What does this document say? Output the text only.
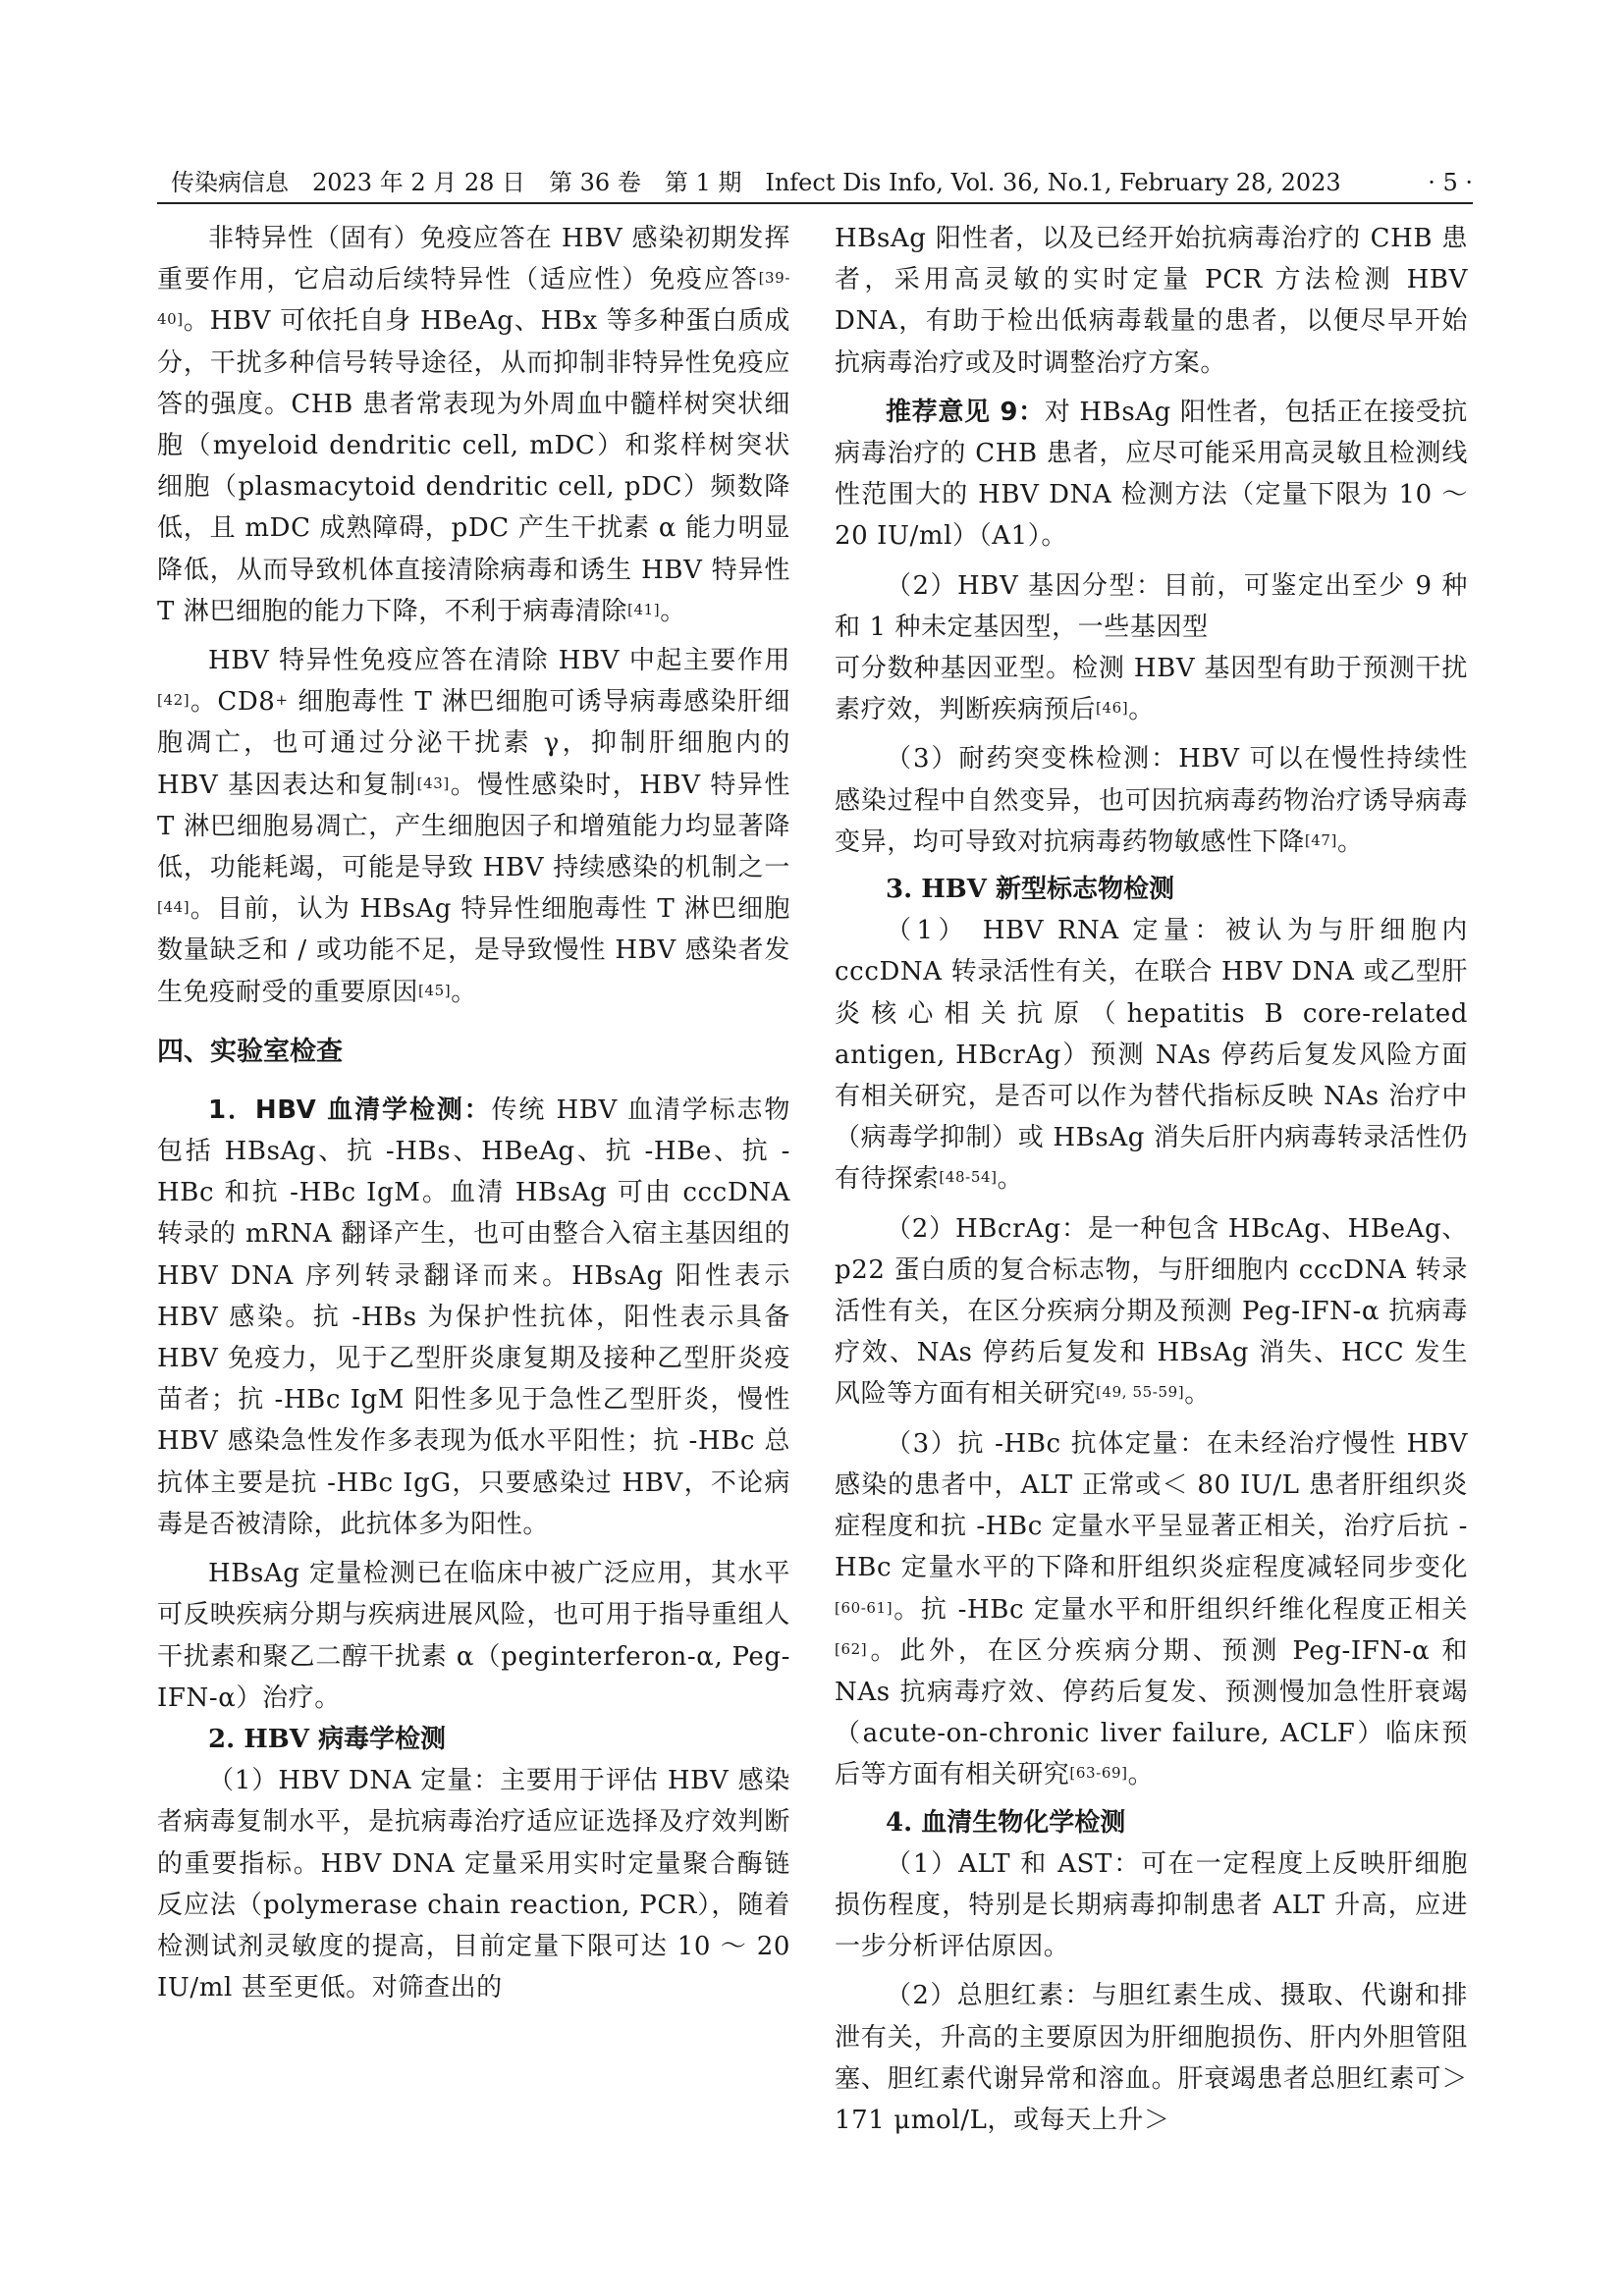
传染病信息　2023 年 2 月 28 日　第 36 卷　第 1 期　Infect Dis Info, Vol. 36, No.1, February 28, 2023	· 5 ·

非特异性（固有）免疫应答在 HBV 感染初期发挥重要作用，它启动后续特异性（适应性）免疫应答[39-40]。HBV 可依托自身 HBeAg、HBx 等多种蛋白质成分，干扰多种信号转导途径，从而抑制非特异性免疫应答的强度。CHB 患者常表现为外周血中髓样树突状细胞（myeloid dendritic cell, mDC）和浆样树突状细胞（plasmacytoid dendritic cell, pDC）频数降低，且 mDC 成熟障碍，pDC 产生干扰素 α 能力明显降低，从而导致机体直接清除病毒和诱生 HBV 特异性 T 淋巴细胞的能力下降，不利于病毒清除[41]。

HBV 特异性免疫应答在清除 HBV 中起主要作用[42]。CD8+ 细胞毒性 T 淋巴细胞可诱导病毒感染肝细胞凋亡，也可通过分泌干扰素 γ，抑制肝细胞内的 HBV 基因表达和复制[43]。慢性感染时，HBV 特异性 T 淋巴细胞易凋亡，产生细胞因子和增殖能力均显著降低，功能耗竭，可能是导致 HBV 持续感染的机制之一[44]。目前，认为 HBsAg 特异性细胞毒性 T 淋巴细胞数量缺乏和 / 或功能不足，是导致慢性 HBV 感染者发生免疫耐受的重要原因[45]。

四、实验室检查

1．HBV 血清学检测：传统 HBV 血清学标志物包括 HBsAg、抗 -HBs、HBeAg、抗 -HBe、抗 -HBc 和抗 -HBc IgM。血清 HBsAg 可由 cccDNA 转录的 mRNA 翻译产生，也可由整合入宿主基因组的 HBV DNA 序列转录翻译而来。HBsAg 阳性表示 HBV 感染。抗 -HBs 为保护性抗体，阳性表示具备 HBV 免疫力，见于乙型肝炎康复期及接种乙型肝炎疫苗者；抗 -HBc IgM 阳性多见于急性乙型肝炎，慢性 HBV 感染急性发作多表现为低水平阳性；抗 -HBc 总抗体主要是抗 -HBc IgG，只要感染过 HBV，不论病毒是否被清除，此抗体多为阳性。

HBsAg 定量检测已在临床中被广泛应用，其水平可反映疾病分期与疾病进展风险，也可用于指导重组人干扰素和聚乙二醇干扰素 α（peginterferon-α, Peg-IFN-α）治疗。

2. HBV 病毒学检测

（1）HBV DNA 定量：主要用于评估 HBV 感染者病毒复制水平，是抗病毒治疗适应证选择及疗效判断的重要指标。HBV DNA 定量采用实时定量聚合酶链反应法（polymerase chain reaction, PCR），随着检测试剂灵敏度的提高，目前定量下限可达 10 ～ 20 IU/ml 甚至更低。对筛查出的

HBsAg 阳性者，以及已经开始抗病毒治疗的 CHB 患者，采用高灵敏的实时定量 PCR 方法检测 HBV DNA，有助于检出低病毒载量的患者，以便尽早开始抗病毒治疗或及时调整治疗方案。

推荐意见 9：对 HBsAg 阳性者，包括正在接受抗病毒治疗的 CHB 患者，应尽可能采用高灵敏且检测线性范围大的 HBV DNA 检测方法（定量下限为 10 ～ 20 IU/ml）（A1）。

（2）HBV 基因分型：目前，可鉴定出至少 9 种和 1 种未定基因型，一些基因型
可分数种基因亚型。检测 HBV 基因型有助于预测干扰素疗效，判断疾病预后[46]。

（3）耐药突变株检测：HBV 可以在慢性持续性感染过程中自然变异，也可因抗病毒药物治疗诱导病毒变异，均可导致对抗病毒药物敏感性下降[47]。

3. HBV 新型标志物检测

（1） HBV RNA 定量：被认为与肝细胞内 cccDNA 转录活性有关，在联合 HBV DNA 或乙型肝炎核心相关抗原（hepatitis B core-related antigen, HBcrAg）预测 NAs 停药后复发风险方面有相关研究，是否可以作为替代指标反映 NAs 治疗中（病毒学抑制）或 HBsAg 消失后肝内病毒转录活性仍有待探索[48-54]。

（2）HBcrAg：是一种包含 HBcAg、HBeAg、p22 蛋白质的复合标志物，与肝细胞内 cccDNA 转录活性有关，在区分疾病分期及预测 Peg-IFN-α 抗病毒疗效、NAs 停药后复发和 HBsAg 消失、HCC 发生风险等方面有相关研究[49, 55-59]。

（3）抗 -HBc 抗体定量：在未经治疗慢性 HBV 感染的患者中，ALT 正常或＜ 80 IU/L 患者肝组织炎症程度和抗 -HBc 定量水平呈显著正相关，治疗后抗 -HBc 定量水平的下降和肝组织炎症程度减轻同步变化[60-61]。抗 -HBc 定量水平和肝组织纤维化程度正相关[62]。此外，在区分疾病分期、预测 Peg-IFN-α 和 NAs 抗病毒疗效、停药后复发、预测慢加急性肝衰竭（acute-on-chronic liver failure, ACLF）临床预后等方面有相关研究[63-69]。

4. 血清生物化学检测

（1）ALT 和 AST：可在一定程度上反映肝细胞损伤程度，特别是长期病毒抑制患者 ALT 升高，应进一步分析评估原因。

（2）总胆红素：与胆红素生成、摄取、代谢和排泄有关，升高的主要原因为肝细胞损伤、肝内外胆管阻塞、胆红素代谢异常和溶血。肝衰竭患者总胆红素可＞ 171 μmol/L，或每天上升＞
